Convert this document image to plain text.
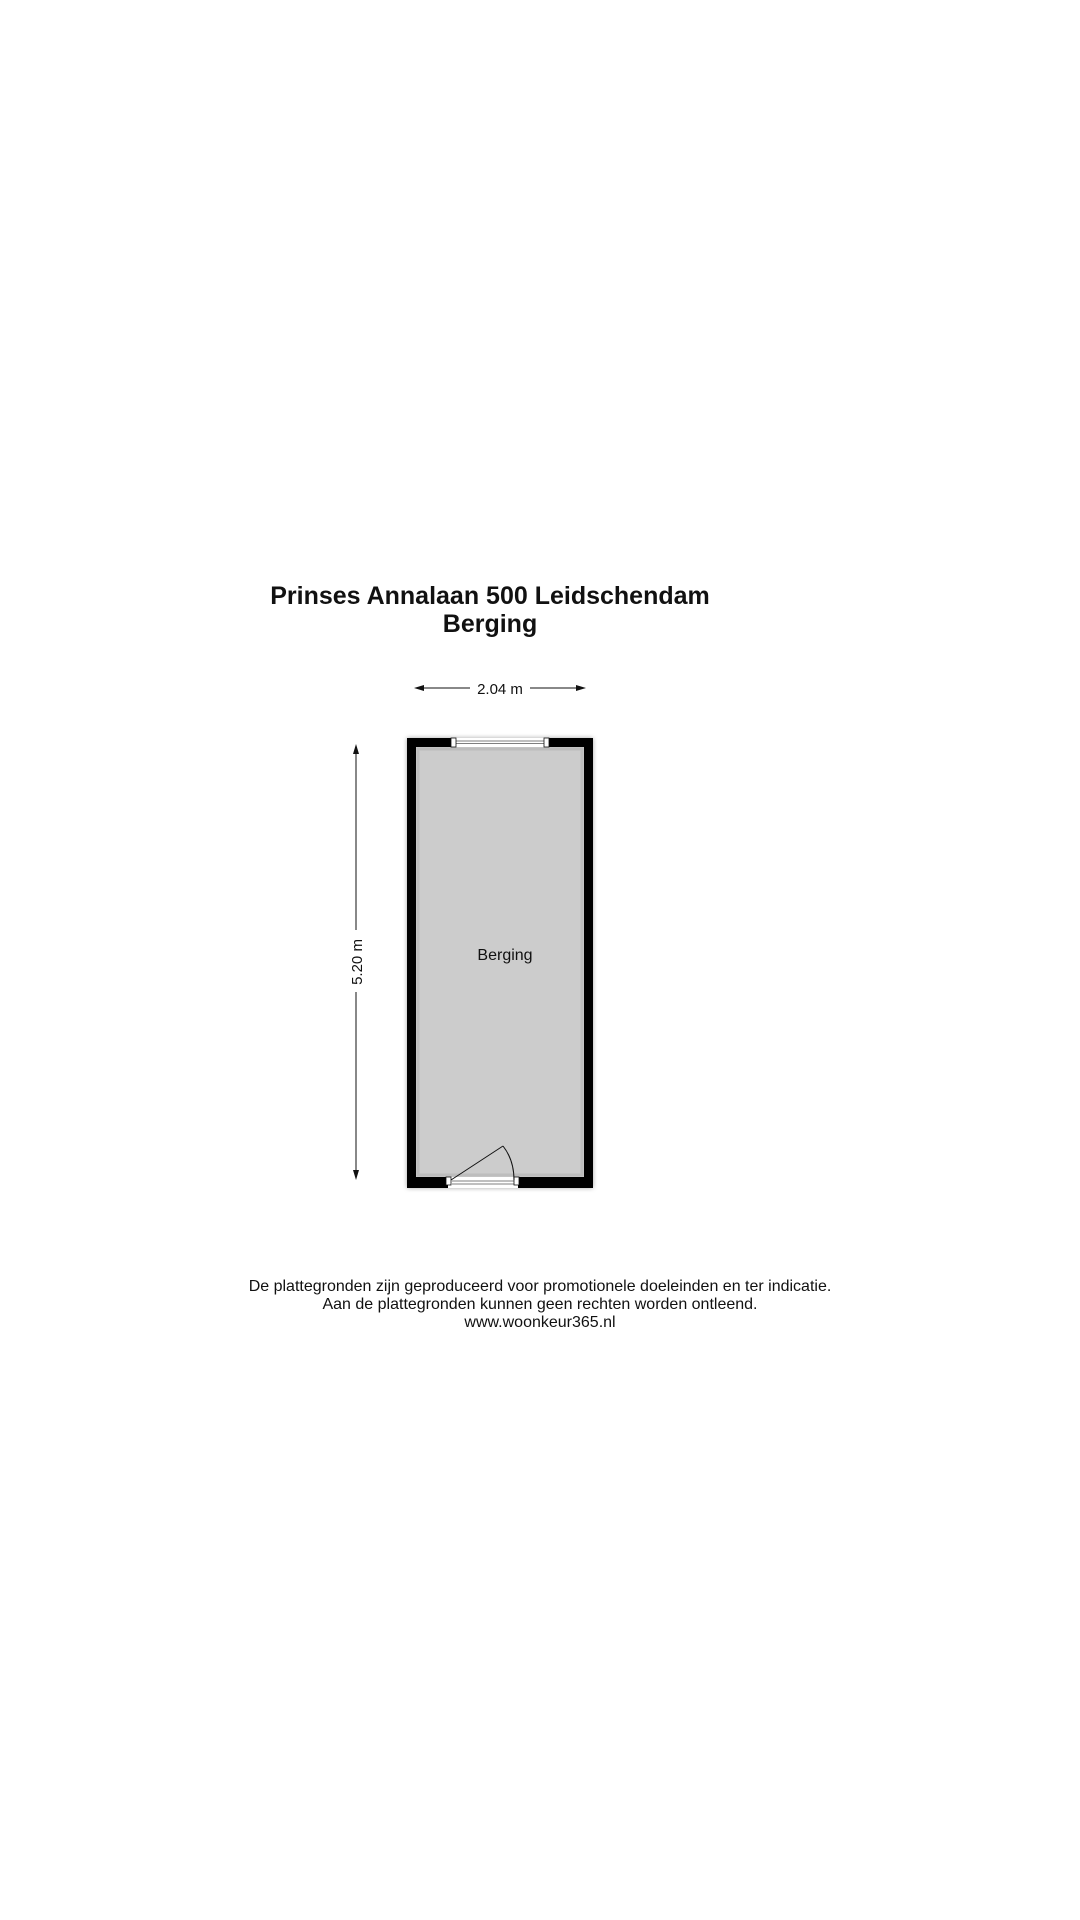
Prinses Annalaan 500 Leidschendam
Berging
2.04 m
5.20 m	Berging
De plattegronden zijn geproduceerd voor promotionele doeleinden en ter indicatie.
Aan de plattegronden kunnen geen rechten worden ontleend.
www.woonkeur365.nl
